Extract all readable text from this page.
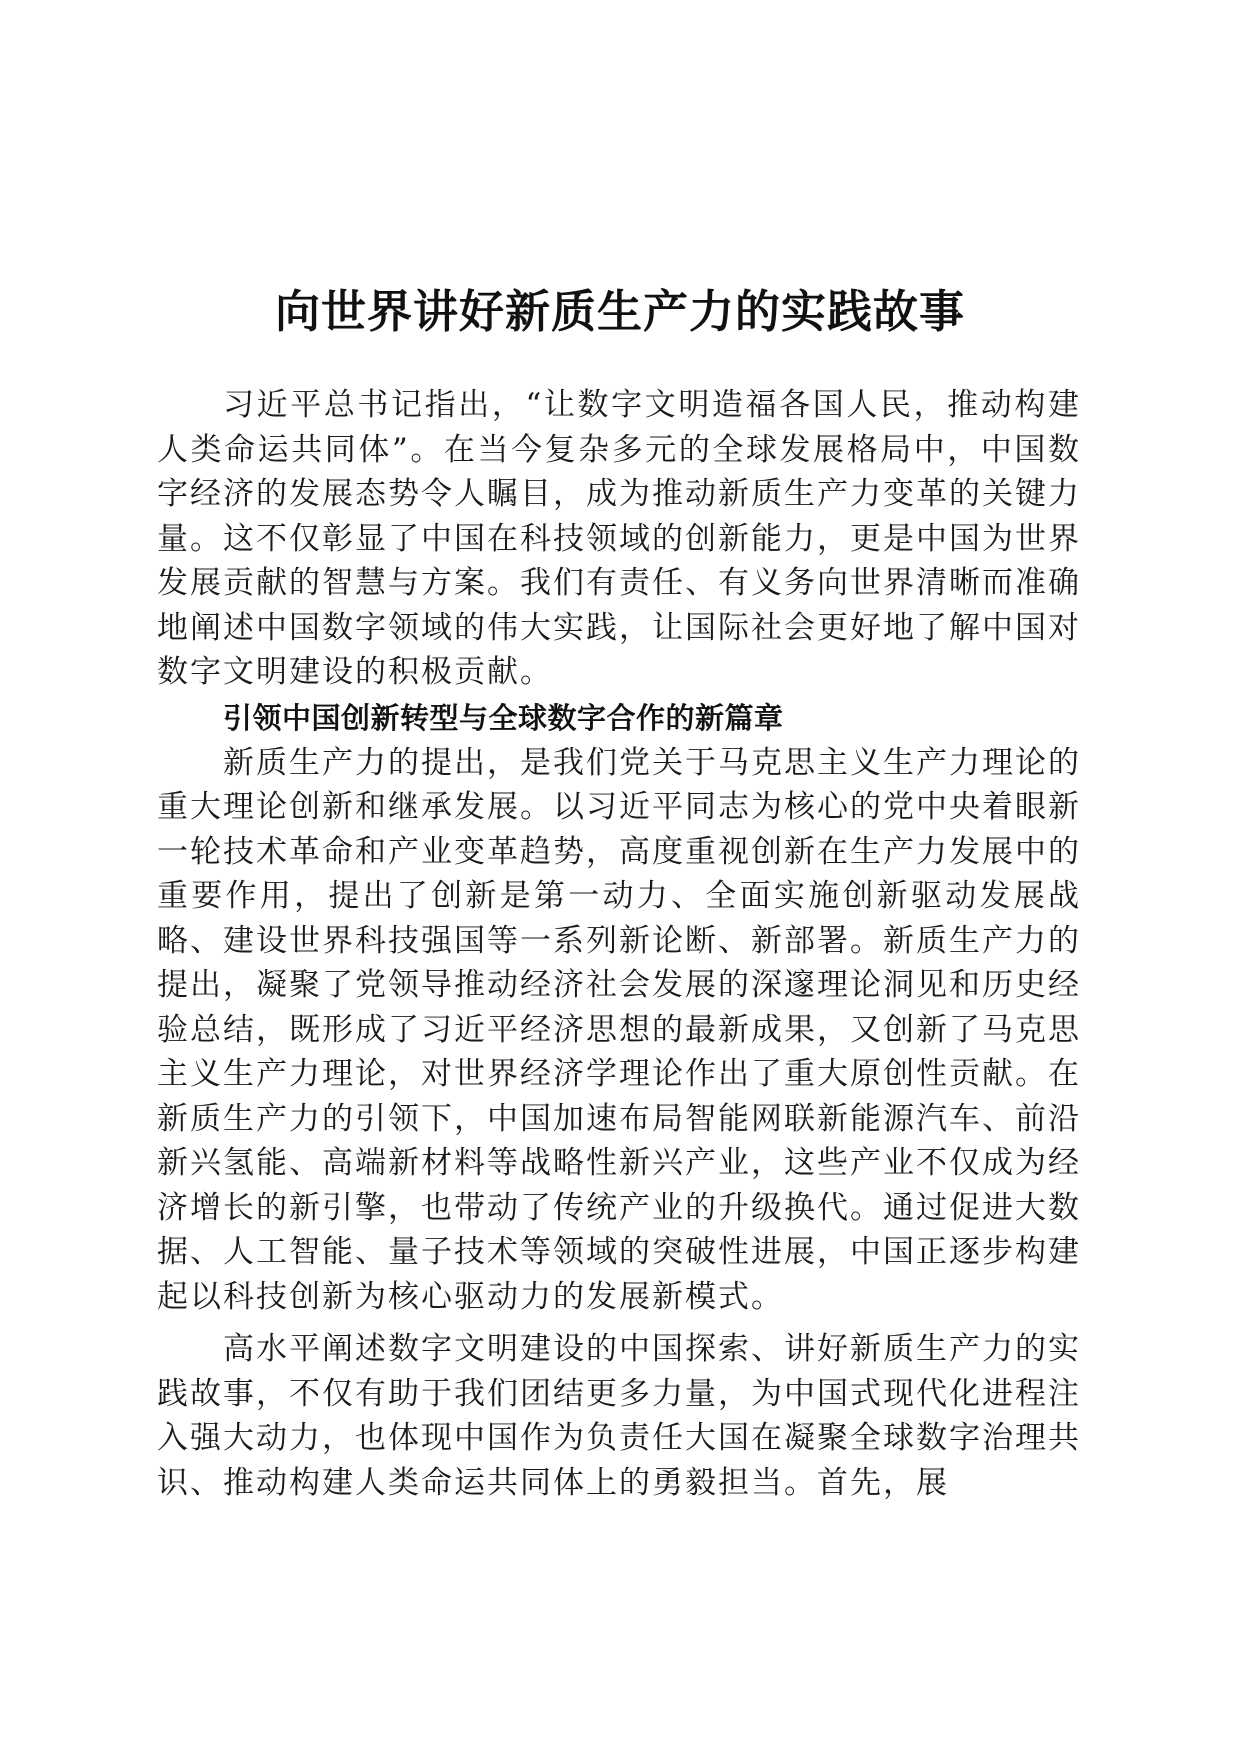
向世界讲好新质生产力的实践故事

习近平总书记指出，“让数字文明造福各国人民，推动构建人类命运共同体”。在当今复杂多元的全球发展格局中，中国数字经济的发展态势令人瞩目，成为推动新质生产力变革的关键力量。这不仅彰显了中国在科技领域的创新能力，更是中国为世界发展贡献的智慧与方案。我们有责任、有义务向世界清晰而准确地阐述中国数字领域的伟大实践，让国际社会更好地了解中国对数字文明建设的积极贡献。

引领中国创新转型与全球数字合作的新篇章

新质生产力的提出，是我们党关于马克思主义生产力理论的重大理论创新和继承发展。以习近平同志为核心的党中央着眼新一轮技术革命和产业变革趋势，高度重视创新在生产力发展中的重要作用，提出了创新是第一动力、全面实施创新驱动发展战略、建设世界科技强国等一系列新论断、新部署。新质生产力的提出，凝聚了党领导推动经济社会发展的深邃理论洞见和历史经验总结，既形成了习近平经济思想的最新成果，又创新了马克思主义生产力理论，对世界经济学理论作出了重大原创性贡献。在新质生产力的引领下，中国加速布局智能网联新能源汽车、前沿新兴氢能、高端新材料等战略性新兴产业，这些产业不仅成为经济增长的新引擎，也带动了传统产业的升级换代。通过促进大数据、人工智能、量子技术等领域的突破性进展，中国正逐步构建起以科技创新为核心驱动力的发展新模式。

高水平阐述数字文明建设的中国探索、讲好新质生产力的实践故事，不仅有助于我们团结更多力量，为中国式现代化进程注入强大动力，也体现中国作为负责任大国在凝聚全球数字治理共识、推动构建人类命运共同体上的勇毅担当。首先，展
